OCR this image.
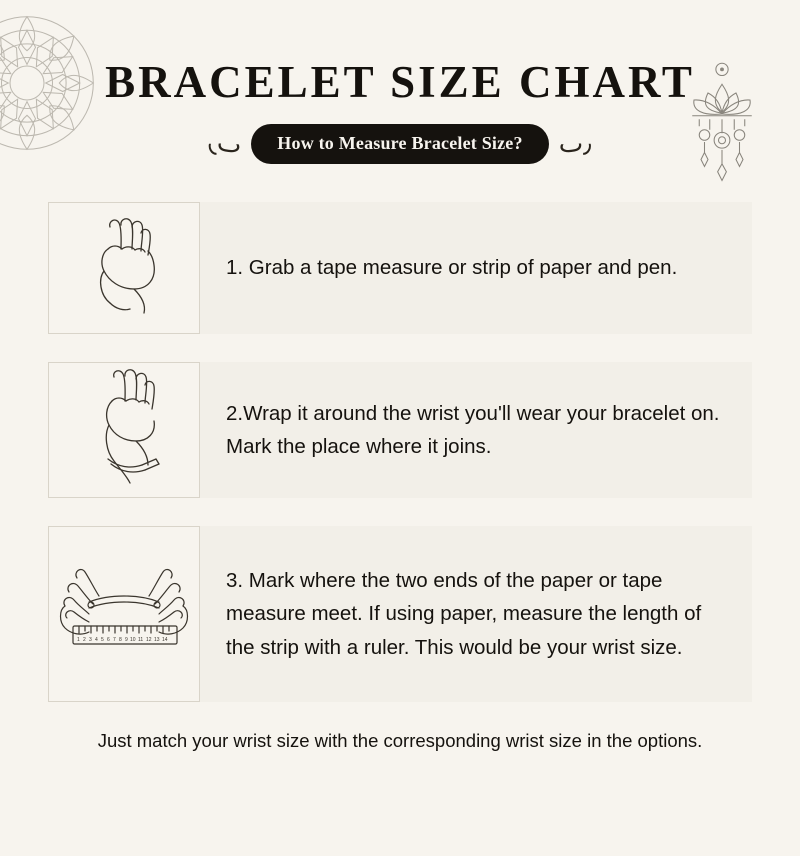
BRACELET SIZE CHART
٫ٮ	How to Measure Bracelet Size?	٫ٮ
1. Grab a tape measure or strip of paper and pen.
2.Wrap it around the wrist you'll wear your bracelet on. Mark the place where it joins.
1 2 3 4 5 6 7 8 9 10 11 12 13 14
3. Mark where the two ends of the paper or tape measure meet. If using paper, measure the length of the strip with a ruler. This would be your wrist size.
Just match your wrist size with the corresponding wrist size in the options.
